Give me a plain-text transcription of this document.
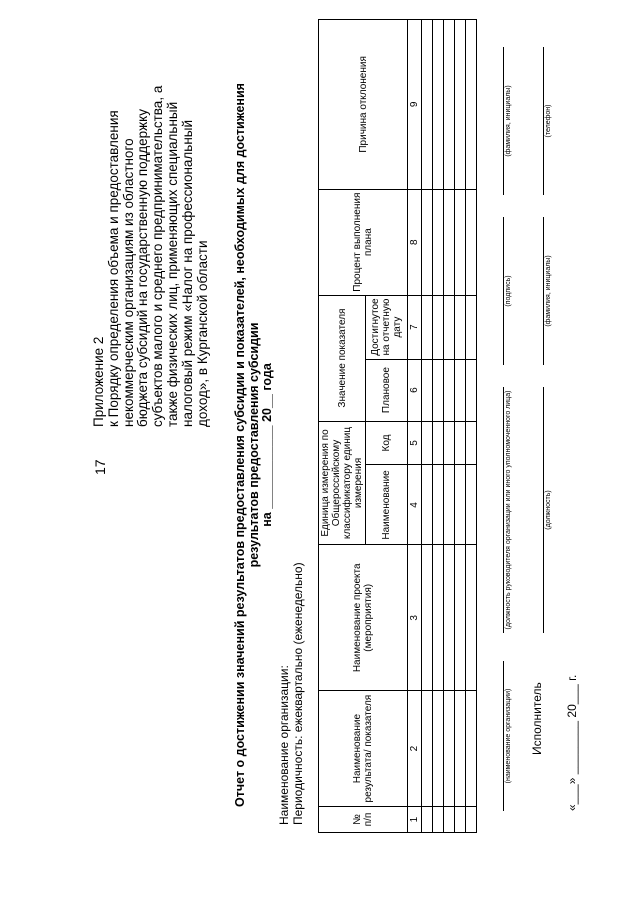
17
Приложение 2 к Порядку определения объема и предоставления некоммерческим организациям из областного бюджета субсидий на государственную поддержку субъектов малого и среднего предпринимательства, а также физических лиц, применяющих специальный налоговый режим «Налог на профессиональный доход», в Курганской области Отчет о достижении значений результатов предоставления субсидии и показателей, необходимых для достижения результатов предоставления субсидии на ____________ 20__ года
Наименование организации: Периодичность: ежеквартально (еженедельно)	№ п/п	Наименование результата/ показателя	Наименование проекта (мероприятия)	Единица измерения по Общероссийскому классификатору единиц измерения		Значение показателя		Процент выполнения плана	Причина отклонения
			Наименование	Код	Плановое	Достигнутое на отчетную дату		
1	2	3	4	5	6	7	8	9

(наименование организации)
(должность руководителя организации или иного уполномоченного лица)
(подпись)
(фамилия, инициалы)
Исполнитель
(должность)
(фамилия, инициалы)
(телефон)
«___» ________ 20___ г.
